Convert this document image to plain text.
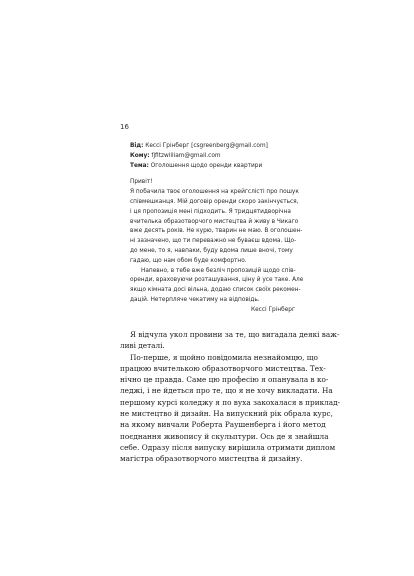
16
Від: Кессі Грінберг [csgreenberg@gmail.com]
Кому: fjfitzwilliam@gmail.com
Тема: Оголошення щодо оренди квартири
Привіт!
Я побачила твоє оголошення на крейгслісті про пошук
співмешканця. Мій договір оренди скоро закінчується,
і ця пропозиція мені підходить. Я тридцятидворічна
вчителька образотворчого мистецтва й живу в Чикаго
вже десять років. Не курю, тварин не маю. В оголошен-
ні зазначено, що ти переважно не буваєш вдома. Що-
до мене, то я, навпаки, буду вдома лише вночі, тому
гадаю, що нам обом буде комфортно.
Напевно, в тебе вже безліч пропозицій щодо спів-
оренди, враховуючи розташування, ціну й усе таке. Але
якщо кімната досі вільна, додаю список своїх рекомен-
дацій. Нетерпляче чекатиму на відповідь.
Кессі Грінберг
Я відчула укол провини за те, що вигадала деякі важ-
ливі деталі.
По-перше, я щойно повідомила незнайомцю, що
працюю вчителькою образотворчого мистецтва. Тех-
нічно це правда. Саме цю професію я опанувала в ко-
леджі, і не йдеться про те, що я не хочу викладати. На
першому курсі коледжу я по вуха закохалася в приклад-
не мистецтво й дизайн. На випускний рік обрала курс,
на якому вивчали Роберта Раушенберга і його метод
поєднання живопису й скульптури. Ось де я знайшла
себе. Одразу після випуску вирішила отримати диплом
магістра образотворчого мистецтва й дизайну.
